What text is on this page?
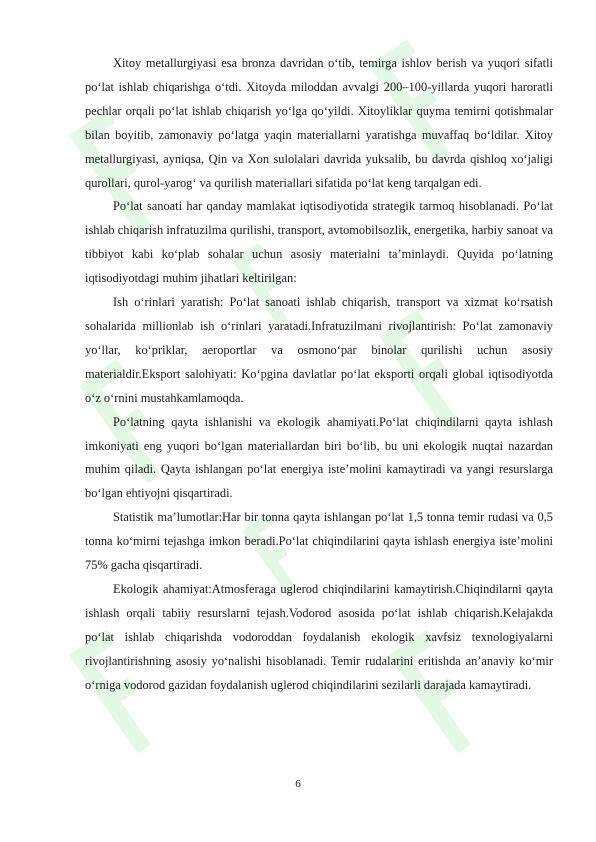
Xitoy metallurgiyasi esa bronza davridan oʻtib, temirga ishlov berish va yuqori sifatli poʻlat ishlab chiqarishga oʻtdi. Xitoyda miloddan avvalgi 200–100-yillarda yuqori haroratli pechlar orqali poʻlat ishlab chiqarish yoʻlga qoʻyildi. Xitoyliklar quyma temirni qotishmalar bilan boyitib, zamonaviy poʻlatga yaqin materiallarni yaratishga muvaffaq boʻldilar. Xitoy metallurgiyasi, ayniqsa, Qin va Xon sulolalari davrida yuksalib, bu davrda qishloq xoʻjaligi qurollari, qurol-yarogʻ va qurilish materiallari sifatida poʻlat keng tarqalgan edi.

Poʻlat sanoati har qanday mamlakat iqtisodiyotida strategik tarmoq hisoblanadi. Poʻlat ishlab chiqarish infratuzilma qurilishi, transport, avtomobilsozlik, energetika, harbiy sanoat va tibbiyot kabi koʻplab sohalar uchun asosiy materialni taʼminlaydi. Quyida poʻlatning iqtisodiyotdagi muhim jihatlari keltirilgan:

Ish oʻrinlari yaratish: Poʻlat sanoati ishlab chiqarish, transport va xizmat koʻrsatish sohalarida millionlab ish oʻrinlari yaratadi.Infratuzilmani rivojlantirish: Poʻlat zamonaviy yoʻllar, koʻpriklar, aeroportlar va osmonoʻpar binolar qurilishi uchun asosiy materialdir.Eksport salohiyati: Koʻpgina davlatlar poʻlat eksporti orqali global iqtisodiyotda oʻz oʻrnini mustahkamlamoqda.

Poʻlatning qayta ishlanishi va ekologik ahamiyati.Poʻlat chiqindilarni qayta ishlash imkoniyati eng yuqori boʻlgan materiallardan biri boʻlib, bu uni ekologik nuqtai nazardan muhim qiladi. Qayta ishlangan poʻlat energiya isteʼmolini kamaytiradi va yangi resurslarga boʻlgan ehtiyojni qisqartiradi.

Statistik maʼlumotlar:Har bir tonna qayta ishlangan poʻlat 1,5 tonna temir rudasi va 0,5 tonna koʻmirni tejashga imkon beradi.Poʻlat chiqindilarini qayta ishlash energiya isteʼmolini 75% gacha qisqartiradi.

Ekologik ahamiyat:Atmosferaga uglerod chiqindilarini kamaytirish.Chiqindilarni qayta ishlash orqali tabiiy resurslarni tejash.Vodorod asosida poʻlat ishlab chiqarish.Kelajakda poʻlat ishlab chiqarishda vodoroddan foydalanish ekologik xavfsiz texnologiyalarni rivojlantirishning asosiy yoʻnalishi hisoblanadi. Temir rudalarini eritishda anʼanaviy koʻmir oʻrniga vodorod gazidan foydalanish uglerod chiqindilarini sezilarli darajada kamaytiradi.

6
